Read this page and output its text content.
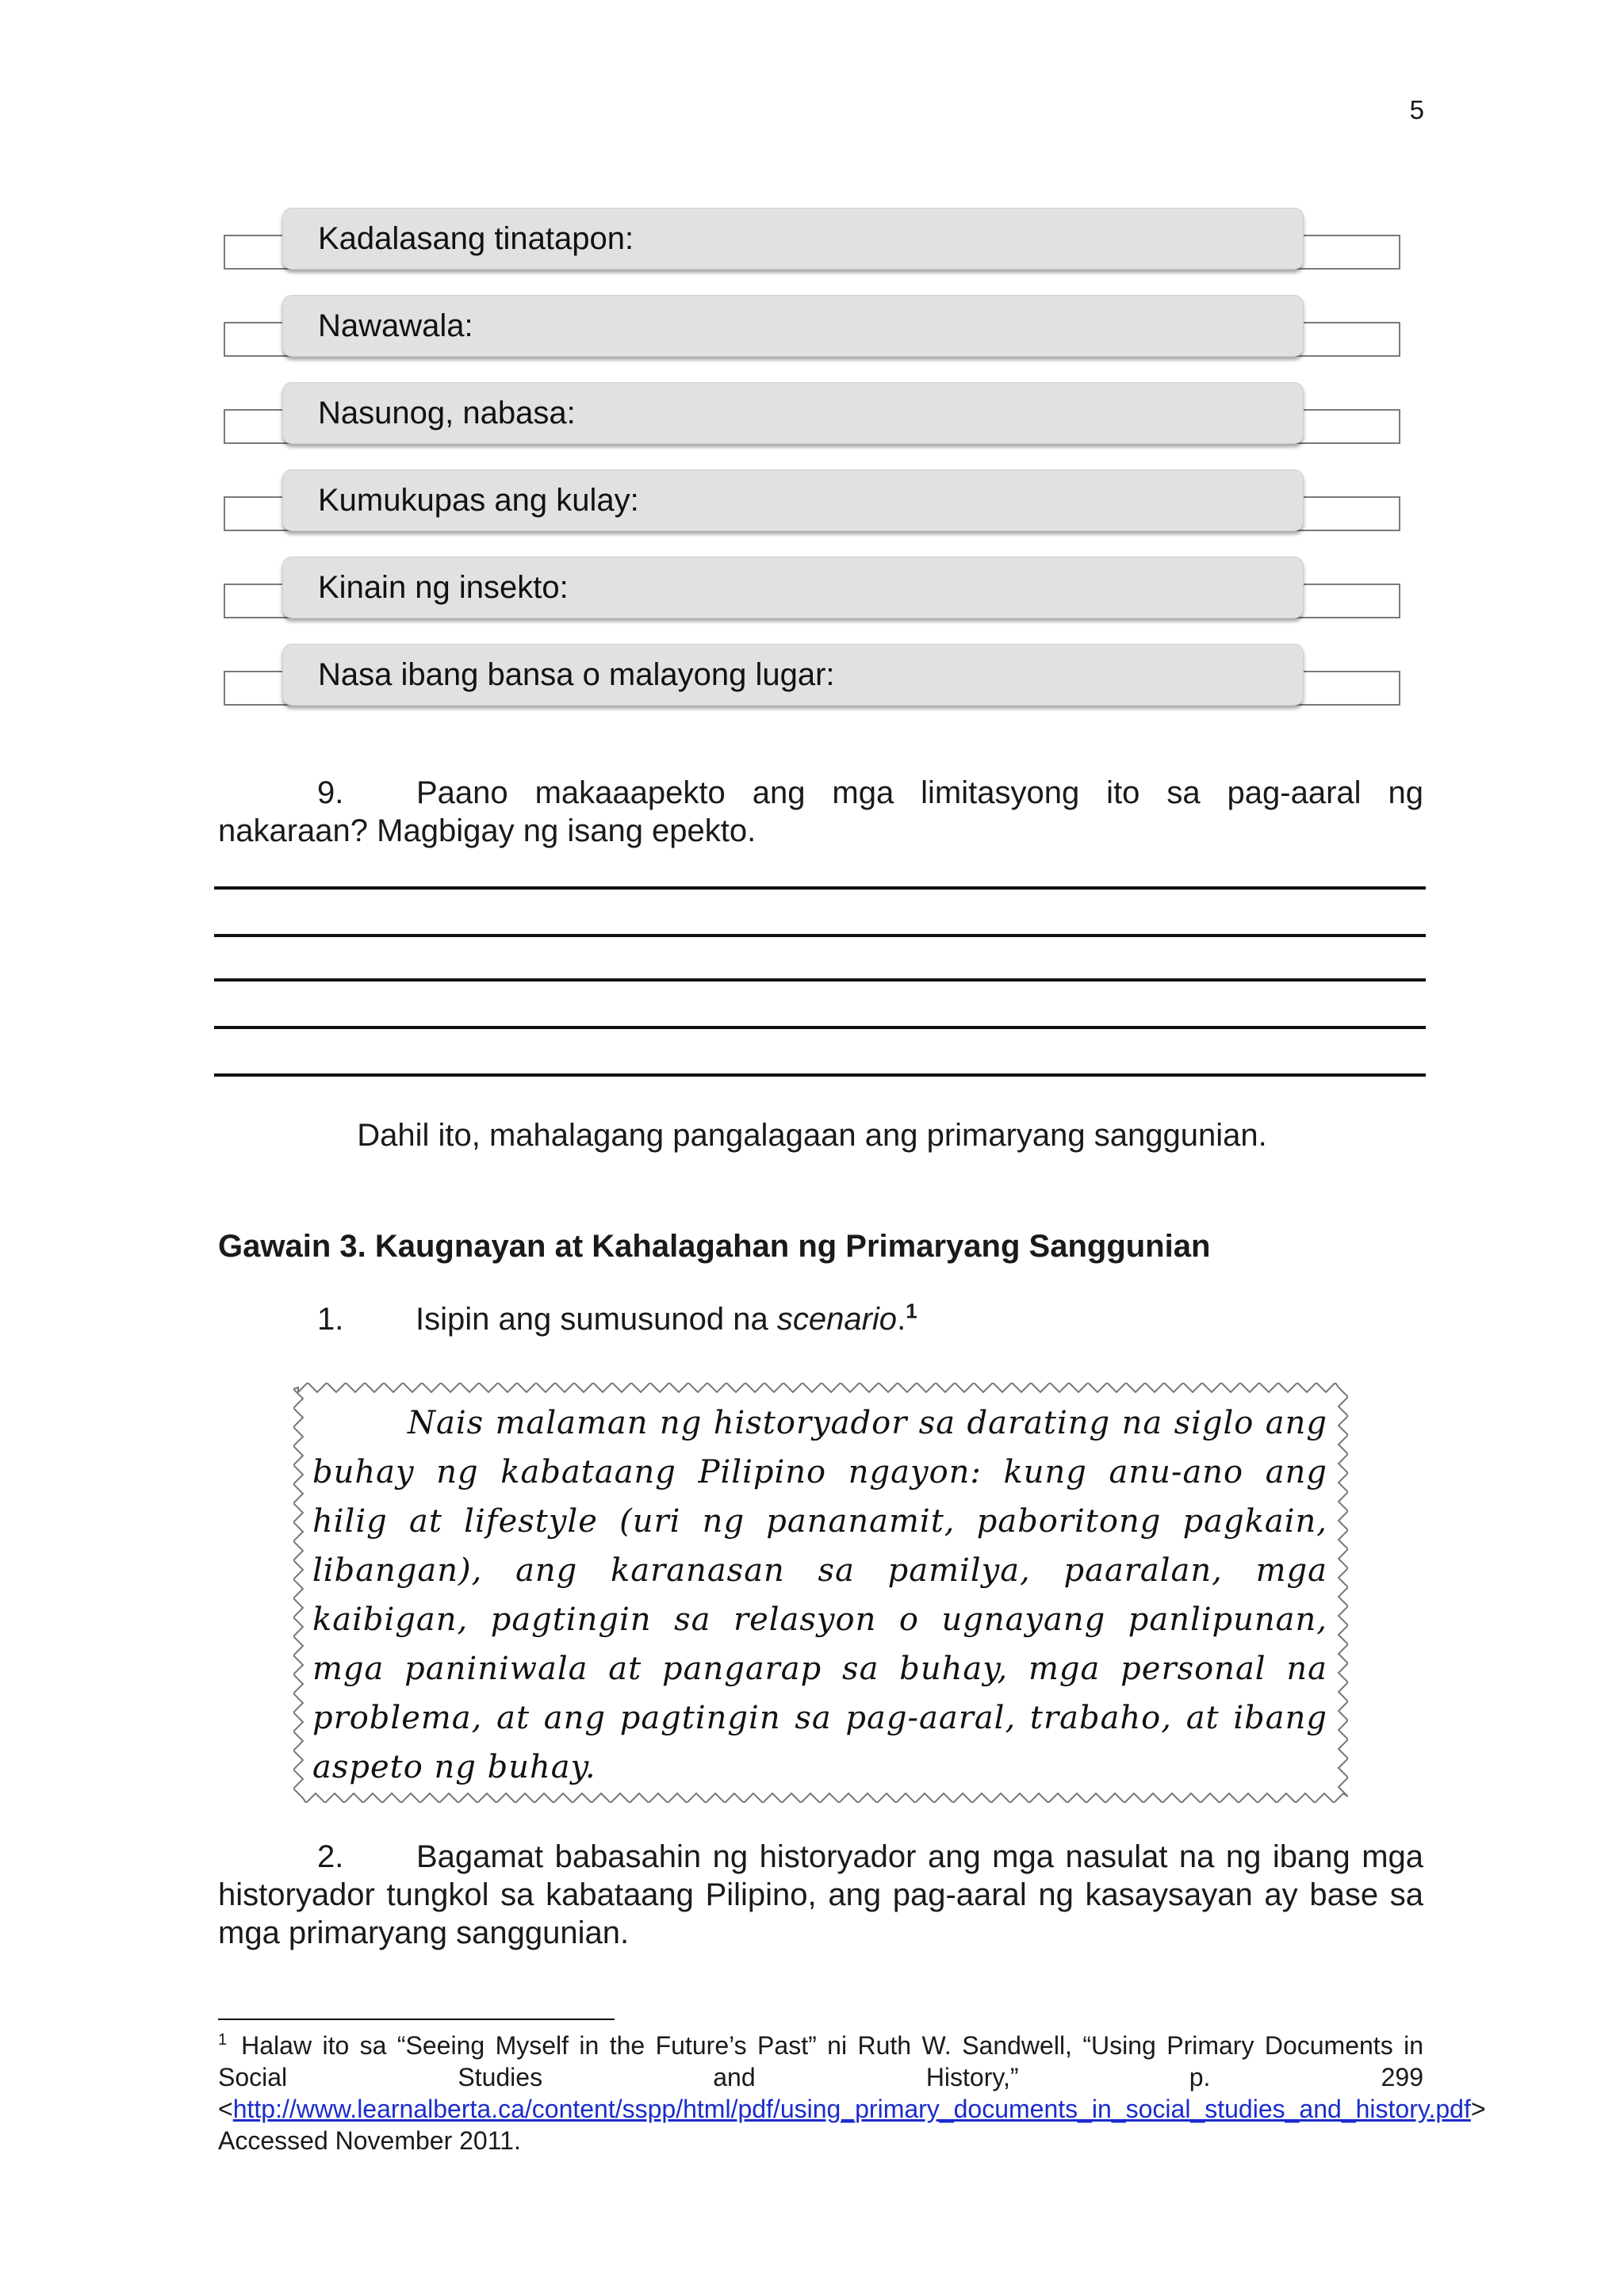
5
Kadalasang tinatapon:
Nawawala:
Nasunog, nabasa:
Kumukupas ang kulay:
Kinain ng insekto:
Nasa ibang bansa o malayong lugar:
9. Paano makaaapekto ang mga limitasyong ito sa pag-aaral ng nakaraan? Magbigay ng isang epekto.
Dahil ito, mahalagang pangalagaan ang primaryang sanggunian.
Gawain 3. Kaugnayan at Kahalagahan ng Primaryang Sanggunian
1. Isipin ang sumusunod na scenario.$^1$
Nais malaman ng historyador sa darating na siglo ang buhay ng kabataang Pilipino ngayon: kung anu-ano ang hilig at lifestyle (uri ng pananamit, paboritong pagkain, libangan), ang karanasan sa pamilya, paaralan, mga kaibigan, pagtingin sa relasyon o ugnayang panlipunan, mga paniniwala at pangarap sa buhay, mga personal na problema, at ang pagtingin sa pag-aaral, trabaho, at ibang aspeto ng buhay.
2. Bagamat babasahin ng historyador ang mga nasulat na ng ibang mga historyador tungkol sa kabataang Pilipino, ang pag-aaral ng kasaysayan ay base sa mga primaryang sanggunian.
$^1$ Halaw ito sa “Seeing Myself in the Future’s Past” ni Ruth W. Sandwell, “Using Primary Documents in Social Studies and History,” p. 299 <http://www.learnalberta.ca/content/sspp/html/pdf/using_primary_documents_in_social_studies_and_history.pdf> Accessed November 2011.
